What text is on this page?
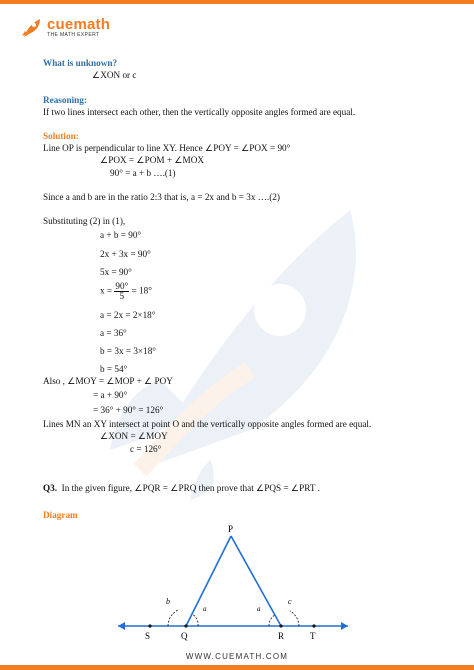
cuemath
THE MATH EXPERT
What is unknown?
∠XON or c
Reasoning:
If two lines intersect each other, then the vertically opposite angles formed are equal.
Solution:
Line OP is perpendicular to line XY. Hence ∠POY = ∠POX = 90°
∠POX = ∠POM + ∠MOX
90° = a + b ….(1)
Since a and b are in the ratio 2:3 that is, a = 2x and b = 3x ….(2)
Substituting (2) in (1),
a + b = 90°
2x + 3x = 90°
5x = 90°
$x = \frac{90^\circ}{5} = 18^\circ$
a = 2x = 2×18°
a = 36°
b = 3x = 3×18°
b = 54°
Also , ∠MOY = ∠MOP + ∠ POY
= a + 90°
= 36° + 90° = 126°
Lines MN an XY intersect at point O and the vertically opposite angles formed are equal.
∠XON = ∠MOY
c = 126°
Q3. In the given figure, ∠PQR = ∠PRQ then prove that ∠PQS = ∠PRT .
Diagram
P
S	Q	R	T
b
a	a
c
WWW.CUEMATH.COM
